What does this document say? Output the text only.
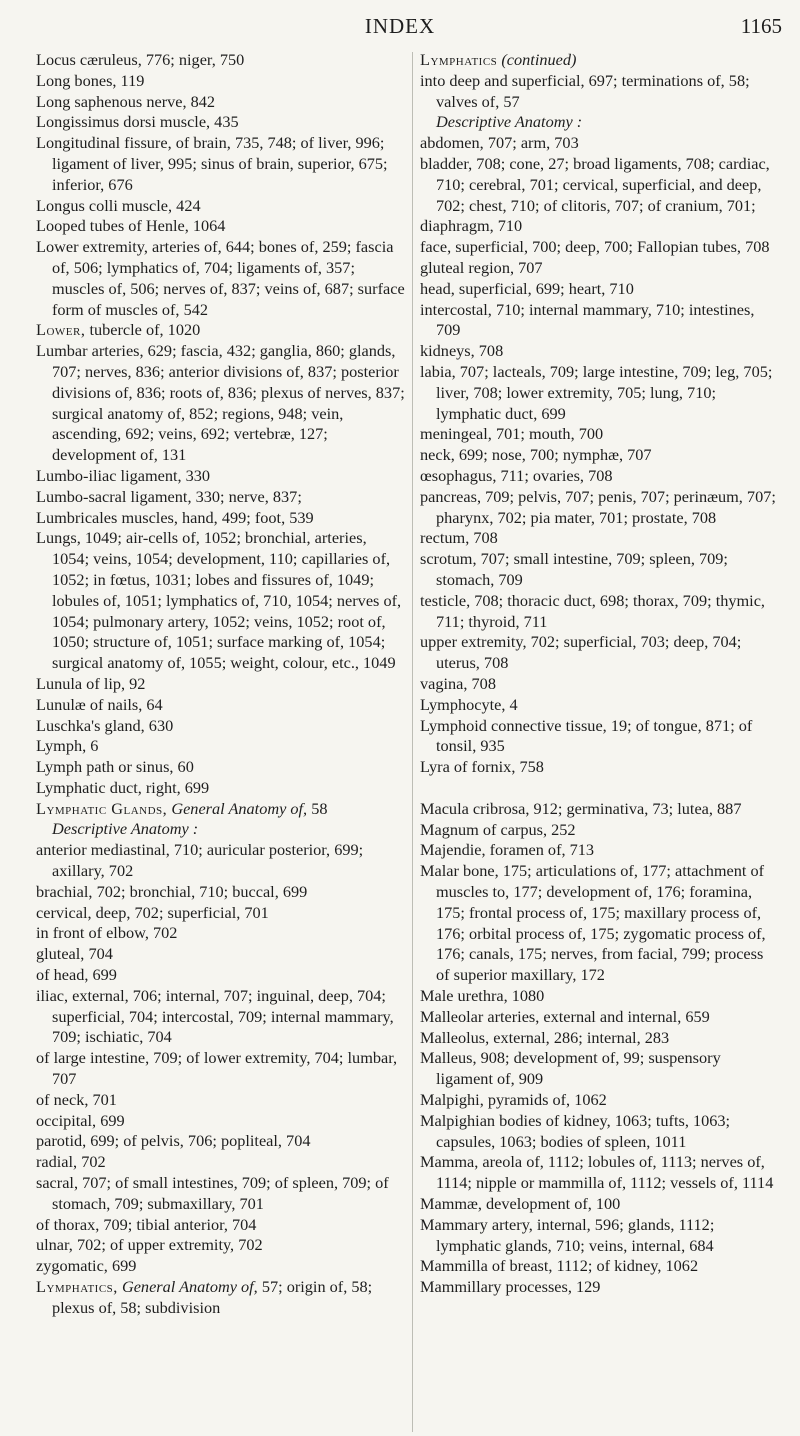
INDEX	1165

Locus cæruleus, 776; niger, 750

Long bones, 119

Long saphenous nerve, 842

Longissimus dorsi muscle, 435

Longitudinal fissure, of brain, 735, 748; of liver, 996; ligament of liver, 995; sinus of brain, superior, 675; inferior, 676

Longus colli muscle, 424

Looped tubes of Henle, 1064

Lower extremity, arteries of, 644; bones of, 259; fascia of, 506; lymphatics of, 704; ligaments of, 357; muscles of, 506; nerves of, 837; veins of, 687; surface form of muscles of, 542

Lower, tubercle of, 1020

Lumbar arteries, 629; fascia, 432; ganglia, 860; glands, 707; nerves, 836; anterior divisions of, 837; posterior divisions of, 836; roots of, 836; plexus of nerves, 837; surgical anatomy of, 852; regions, 948; vein, ascending, 692; veins, 692; vertebræ, 127; development of, 131

Lumbo-iliac ligament, 330

Lumbo-sacral ligament, 330; nerve, 837;

Lumbricales muscles, hand, 499; foot, 539

Lungs, 1049; air-cells of, 1052; bronchial, arteries, 1054; veins, 1054; development, 110; capillaries of, 1052; in fœtus, 1031; lobes and fissures of, 1049; lobules of, 1051; lymphatics of, 710, 1054; nerves of, 1054; pulmonary artery, 1052; veins, 1052; root of, 1050; structure of, 1051; surface marking of, 1054; surgical anatomy of, 1055; weight, colour, etc., 1049

Lunula of lip, 92

Lunulæ of nails, 64

Luschka's gland, 630

Lymph, 6

Lymph path or sinus, 60

Lymphatic duct, right, 699

Lymphatic Glands, General Anatomy of, 58

Descriptive Anatomy :

anterior mediastinal, 710; auricular posterior, 699; axillary, 702

brachial, 702; bronchial, 710; buccal, 699

cervical, deep, 702; superficial, 701

in front of elbow, 702

gluteal, 704

of head, 699

iliac, external, 706; internal, 707; inguinal, deep, 704; superficial, 704; intercostal, 709; internal mammary, 709; ischiatic, 704

of large intestine, 709; of lower extremity, 704; lumbar, 707

of neck, 701

occipital, 699

parotid, 699; of pelvis, 706; popliteal, 704

radial, 702

sacral, 707; of small intestines, 709; of spleen, 709; of stomach, 709; submaxillary, 701

of thorax, 709; tibial anterior, 704

ulnar, 702; of upper extremity, 702

zygomatic, 699

Lymphatics, General Anatomy of, 57; origin of, 58; plexus of, 58; subdivision

Lymphatics (continued)

into deep and superficial, 697; terminations of, 58; valves of, 57

Descriptive Anatomy :

abdomen, 707; arm, 703

bladder, 708; cone, 27; broad ligaments, 708; cardiac, 710; cerebral, 701; cervical, superficial, and deep, 702; chest, 710; of clitoris, 707; of cranium, 701;

diaphragm, 710

face, superficial, 700; deep, 700; Fallopian tubes, 708

gluteal region, 707

head, superficial, 699; heart, 710

intercostal, 710; internal mammary, 710; intestines, 709

kidneys, 708

labia, 707; lacteals, 709; large intestine, 709; leg, 705; liver, 708; lower extremity, 705; lung, 710; lymphatic duct, 699

meningeal, 701; mouth, 700

neck, 699; nose, 700; nymphæ, 707

œsophagus, 711; ovaries, 708

pancreas, 709; pelvis, 707; penis, 707; perinæum, 707; pharynx, 702; pia mater, 701; prostate, 708

rectum, 708

scrotum, 707; small intestine, 709; spleen, 709; stomach, 709

testicle, 708; thoracic duct, 698; thorax, 709; thymic, 711; thyroid, 711

upper extremity, 702; superficial, 703; deep, 704; uterus, 708

vagina, 708

Lymphocyte, 4

Lymphoid connective tissue, 19; of tongue, 871; of tonsil, 935

Lyra of fornix, 758

Macula cribrosa, 912; germinativa, 73; lutea, 887

Magnum of carpus, 252

Majendie, foramen of, 713

Malar bone, 175; articulations of, 177; attachment of muscles to, 177; development of, 176; foramina, 175; frontal process of, 175; maxillary process of, 176; orbital process of, 175; zygomatic process of, 176; canals, 175; nerves, from facial, 799; process of superior maxillary, 172

Male urethra, 1080

Malleolar arteries, external and internal, 659

Malleolus, external, 286; internal, 283

Malleus, 908; development of, 99; suspensory ligament of, 909

Malpighi, pyramids of, 1062

Malpighian bodies of kidney, 1063; tufts, 1063; capsules, 1063; bodies of spleen, 1011

Mamma, areola of, 1112; lobules of, 1113; nerves of, 1114; nipple or mammilla of, 1112; vessels of, 1114

Mammæ, development of, 100

Mammary artery, internal, 596; glands, 1112; lymphatic glands, 710; veins, internal, 684

Mammilla of breast, 1112; of kidney, 1062

Mammillary processes, 129
